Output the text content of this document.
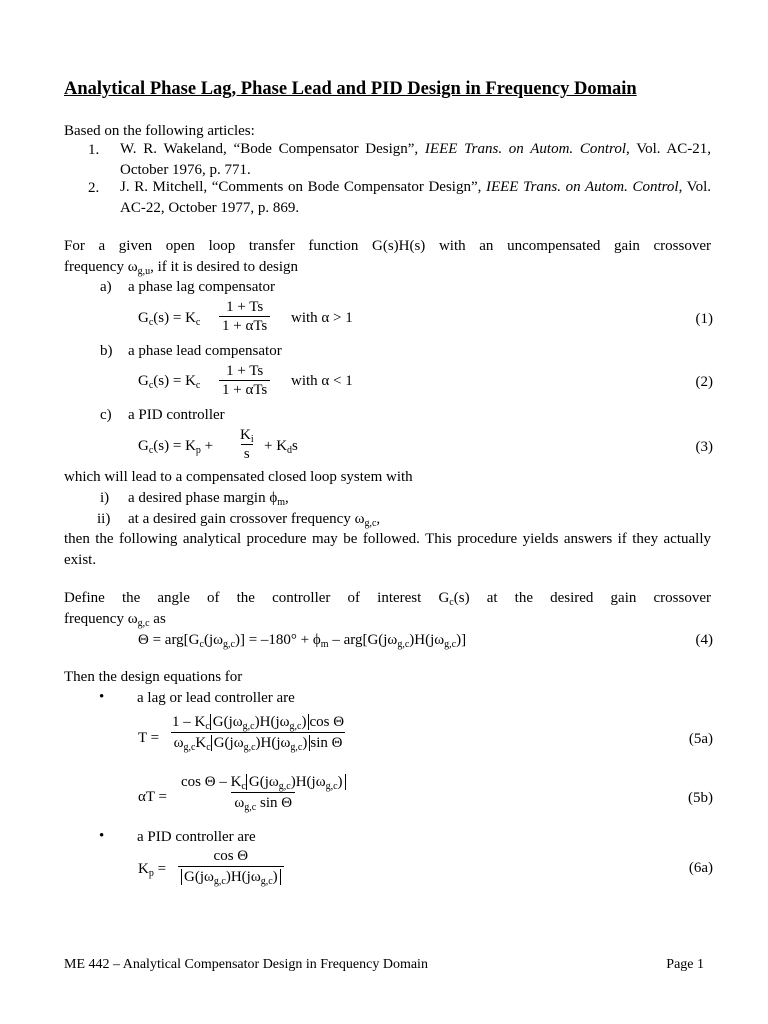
Analytical Phase Lag, Phase Lead and PID Design in Frequency Domain
Based on the following articles:
1. W. R. Wakeland, “Bode Compensator Design”, IEEE Trans. on Autom. Control, Vol. AC-21, October 1976, p. 771.
2. J. R. Mitchell, “Comments on Bode Compensator Design”, IEEE Trans. on Autom. Control, Vol. AC-22, October 1977, p. 869.
For a given open loop transfer function G(s)H(s) with an uncompensated gain crossover
frequency $\omega_{g,u}$, if it is desired to design
a) a phase lag compensator
$G_c(s) = K_c$
1 + Ts
1 + αTs with α > 1	(1)
b) a phase lead compensator
$G_c(s) = K_c$
1 + Ts
1 + αTs
with α < 1	(2)
c) a PID controller
$G_c(s) = K_p + \frac{K_i}{s} + K_ds$	(3)
which will lead to a compensated closed loop system with
i) a desired phase margin $\phi_m$,
ii) at a desired gain crossover frequency $\omega_{g,c}$,
then the following analytical procedure may be followed. This procedure yields answers if they actually exist.
Define the angle of the controller of interest $G_c(s)$ at the desired gain crossover
frequency $\omega_{g,c}$ as
$\Theta = arg[G_c(j\omega_{g,c})] = -180^\circ + \phi_m - arg[G(j\omega_{g,c})H(j\omega_{g,c})]$	(4)
Then the design equations for
• a lag or lead controller are
T =
$1 - K_c$ $G(j\omega_{g,c})H(j\omega_{g,c})$ cos Θ
$\omega_{g,c}K_c$ $G(j\omega_{g,c})H(j\omega_{g,c})$ sin Θ	(5a)
αT =
cos Θ – $K_c$ $G(j\omega_{g,c})H(j\omega_{g,c})$
$\omega_{g,c}$ sin Θ	(5b)
• a PID controller are
$K_p$ =
cos Θ
$G(j\omega_{g,c})H(j\omega_{g,c})$
(6a)
ME 442 – Analytical Compensator Design in Frequency Domain	Page 1
